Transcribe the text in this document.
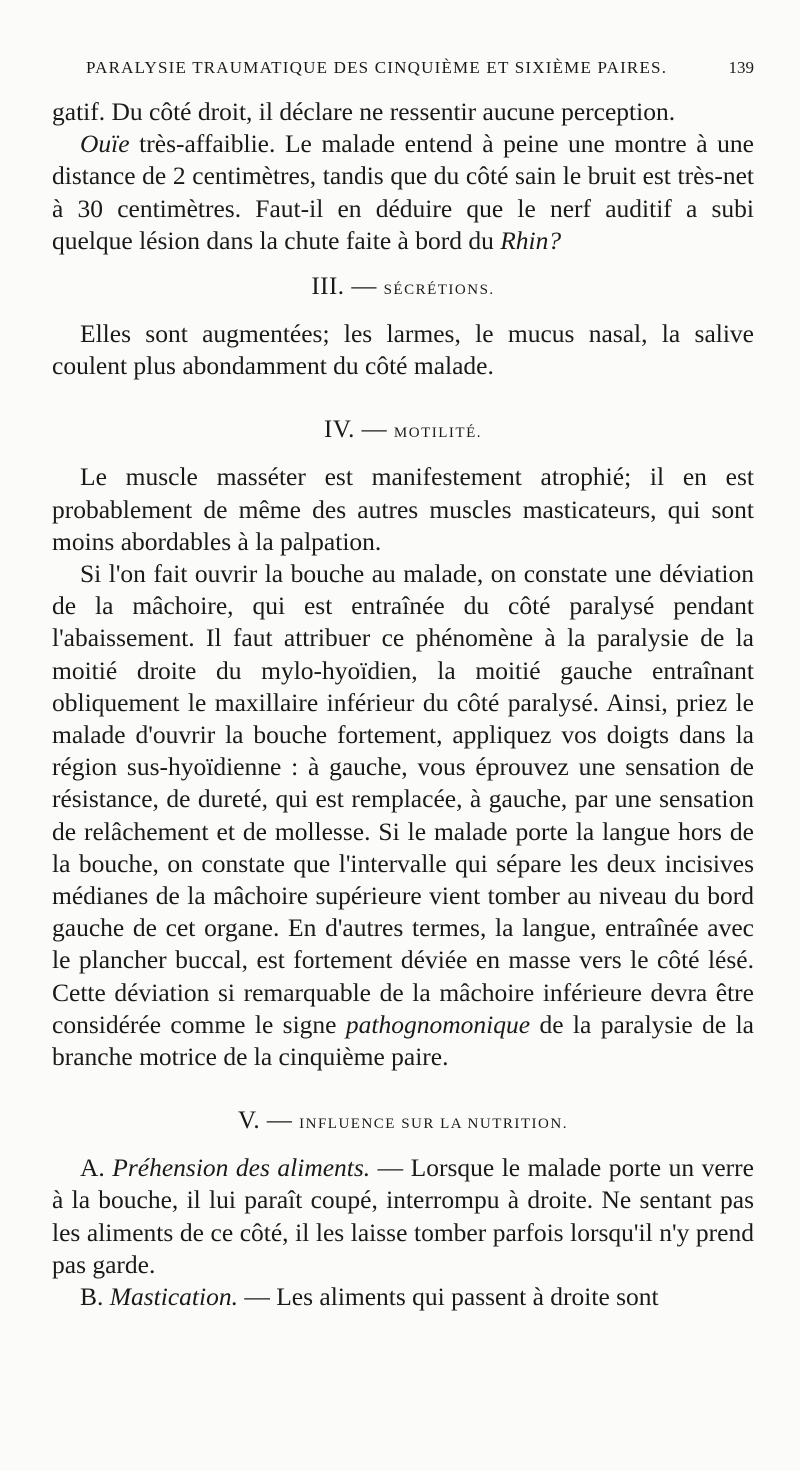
PARALYSIE TRAUMATIQUE DES CINQUIÈME ET SIXIÈME PAIRES.	139

gatif. Du côté droit, il déclare ne ressentir aucune perception.

Ouïe très-affaiblie. Le malade entend à peine une montre à une distance de 2 centimètres, tandis que du côté sain le bruit est très-net à 30 centimètres. Faut-il en déduire que le nerf auditif a subi quelque lésion dans la chute faite à bord du Rhin?

III. — SÉCRÉTIONS.

Elles sont augmentées; les larmes, le mucus nasal, la salive coulent plus abondamment du côté malade.

IV. — MOTILITÉ.

Le muscle masséter est manifestement atrophié; il en est probablement de même des autres muscles masticateurs, qui sont moins abordables à la palpation.

Si l'on fait ouvrir la bouche au malade, on constate une déviation de la mâchoire, qui est entraînée du côté paralysé pendant l'abaissement. Il faut attribuer ce phénomène à la paralysie de la moitié droite du mylo-hyoïdien, la moitié gauche entraînant obliquement le maxillaire inférieur du côté paralysé. Ainsi, priez le malade d'ouvrir la bouche fortement, appliquez vos doigts dans la région sus-hyoïdienne : à gauche, vous éprouvez une sensation de résistance, de dureté, qui est remplacée, à gauche, par une sensation de relâchement et de mollesse. Si le malade porte la langue hors de la bouche, on constate que l'intervalle qui sépare les deux incisives médianes de la mâchoire supérieure vient tomber au niveau du bord gauche de cet organe. En d'autres termes, la langue, entraînée avec le plancher buccal, est fortement déviée en masse vers le côté lésé. Cette déviation si remarquable de la mâchoire inférieure devra être considérée comme le signe pathognomonique de la paralysie de la branche motrice de la cinquième paire.

V. — INFLUENCE SUR LA NUTRITION.

A. Préhension des aliments. — Lorsque le malade porte un verre à la bouche, il lui paraît coupé, interrompu à droite. Ne sentant pas les aliments de ce côté, il les laisse tomber parfois lorsqu'il n'y prend pas garde.

B. Mastication. — Les aliments qui passent à droite sont
